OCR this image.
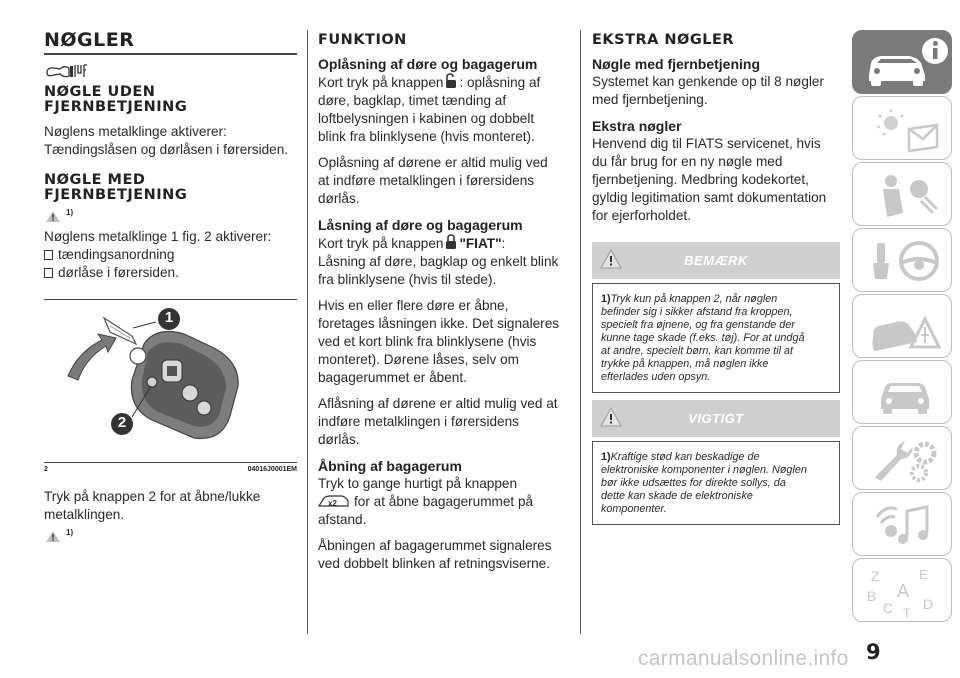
NØGLER
NØGLE UDEN
FJERNBETJENING
Nøglens metalklinge aktiverer:
Tændingslåsen og dørlåsen i førersiden.
NØGLE MED
FJERNBETJENING
$^{1)}$
Nøglens metalklinge 1 fig. 2 aktiverer:
tændingsanordning
dørlåse i førersiden.
1
2
2	04016J0001EM
Tryk på knappen 2 for at åbne/lukke
metalklingen.
$^{1)}$
FUNKTION
Oplåsning af døre og bagagerum
Kort tryk på knappen : oplåsning af
døre, bagklap, timet tænding af
loftbelysningen i kabinen og dobbelt
blink fra blinklysene (hvis monteret).
Oplåsning af dørene er altid mulig ved
at indføre metalklingen i førersidens
dørlås.
Låsning af døre og bagagerum
Kort tryk på knappen "FIAT":
Låsning af døre, bagklap og enkelt blink
fra blinklysene (hvis til stede).
Hvis en eller flere døre er åbne,
foretages låsningen ikke. Det signaleres
ved et kort blink fra blinklysene (hvis
monteret). Dørene låses, selv om
bagagerummet er åbent.
Aflåsning af dørene er altid mulig ved at
indføre metalklingen i førersidens
dørlås.
Åbning af bagagerum
Tryk to gange hurtigt på knappen
x2 for at åbne bagagerummet på
afstand.
Åbningen af bagagerummet signaleres
ved dobbelt blinken af retningsviserne.
EKSTRA NØGLER
Nøgle med fjernbetjening
Systemet kan genkende op til 8 nøgler
med fjernbetjening.
Ekstra nøgler
Henvend dig til FIATS servicenet, hvis
du får brug for en ny nøgle med
fjernbetjening. Medbring kodekortet,
gyldig legitimation samt dokumentation
for ejerforholdet.
BEMÆRK
1)Tryk kun på knappen 2, når nøglen
befinder sig i sikker afstand fra kroppen,
specielt fra øjnene, og fra genstande der
kunne tage skade (f.eks. tøj). For at undgå
at andre, specielt børn, kan komme til at
trykke på knappen, må nøglen ikke
efterlades uden opsyn.
VIGTIGT
1)Kraftige stød kan beskadige de
elektroniske komponenter i nøglen. Nøglen
bør ikke udsættes for direkte sollys, da
dette kan skade de elektroniske
komponenter.
Z	E
A
B
C D
T
carmanualsonline.info 9
